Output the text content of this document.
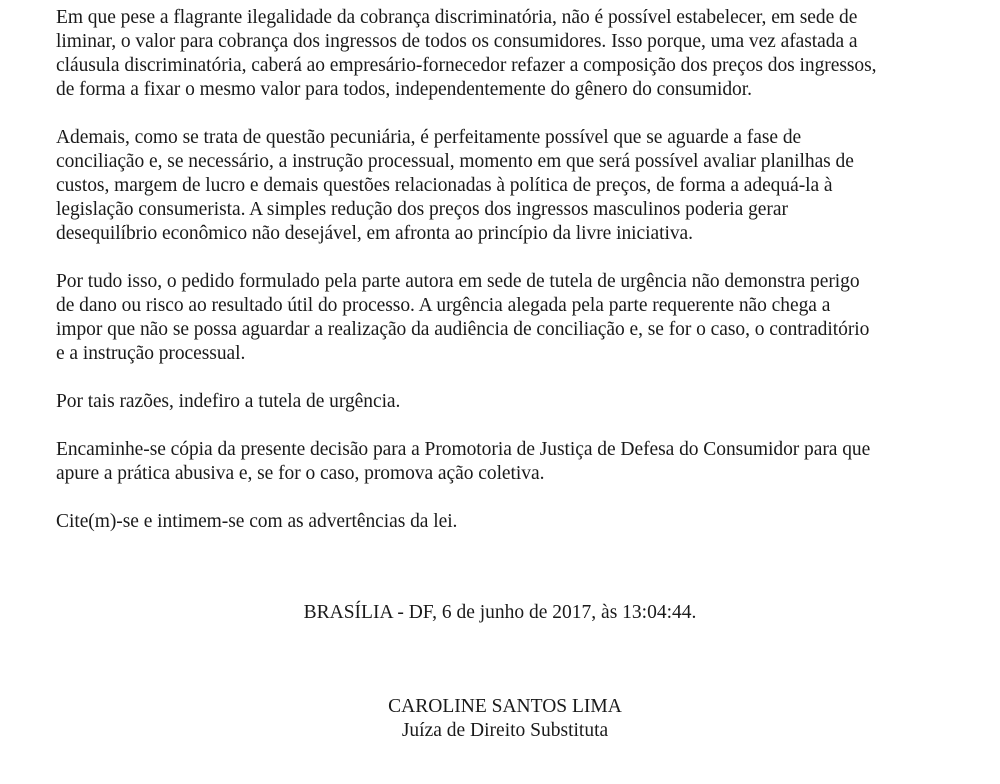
Em que pese a flagrante ilegalidade da cobrança discriminatória, não é possível estabelecer, em sede de
liminar, o valor para cobrança dos ingressos de todos os consumidores. Isso porque, uma vez afastada a
cláusula discriminatória, caberá ao empresário-fornecedor refazer a composição dos preços dos ingressos,
de forma a fixar o mesmo valor para todos, independentemente do gênero do consumidor.

Ademais, como se trata de questão pecuniária, é perfeitamente possível que se aguarde a fase de
conciliação e, se necessário, a instrução processual, momento em que será possível avaliar planilhas de
custos, margem de lucro e demais questões relacionadas à política de preços, de forma a adequá-la à
legislação consumerista. A simples redução dos preços dos ingressos masculinos poderia gerar
desequilíbrio econômico não desejável, em afronta ao princípio da livre iniciativa.

Por tudo isso, o pedido formulado pela parte autora em sede de tutela de urgência não demonstra perigo
de dano ou risco ao resultado útil do processo. A urgência alegada pela parte requerente não chega a
impor que não se possa aguardar a realização da audiência de conciliação e, se for o caso, o contraditório
e a instrução processual.

Por tais razões, indefiro a tutela de urgência.

Encaminhe-se cópia da presente decisão para a Promotoria de Justiça de Defesa do Consumidor para que
apure a prática abusiva e, se for o caso, promova ação coletiva.

Cite(m)-se e intimem-se com as advertências da lei.

BRASÍLIA - DF, 6 de junho de 2017, às 13:04:44.
CAROLINE SANTOS LIMA
Juíza de Direito Substituta
